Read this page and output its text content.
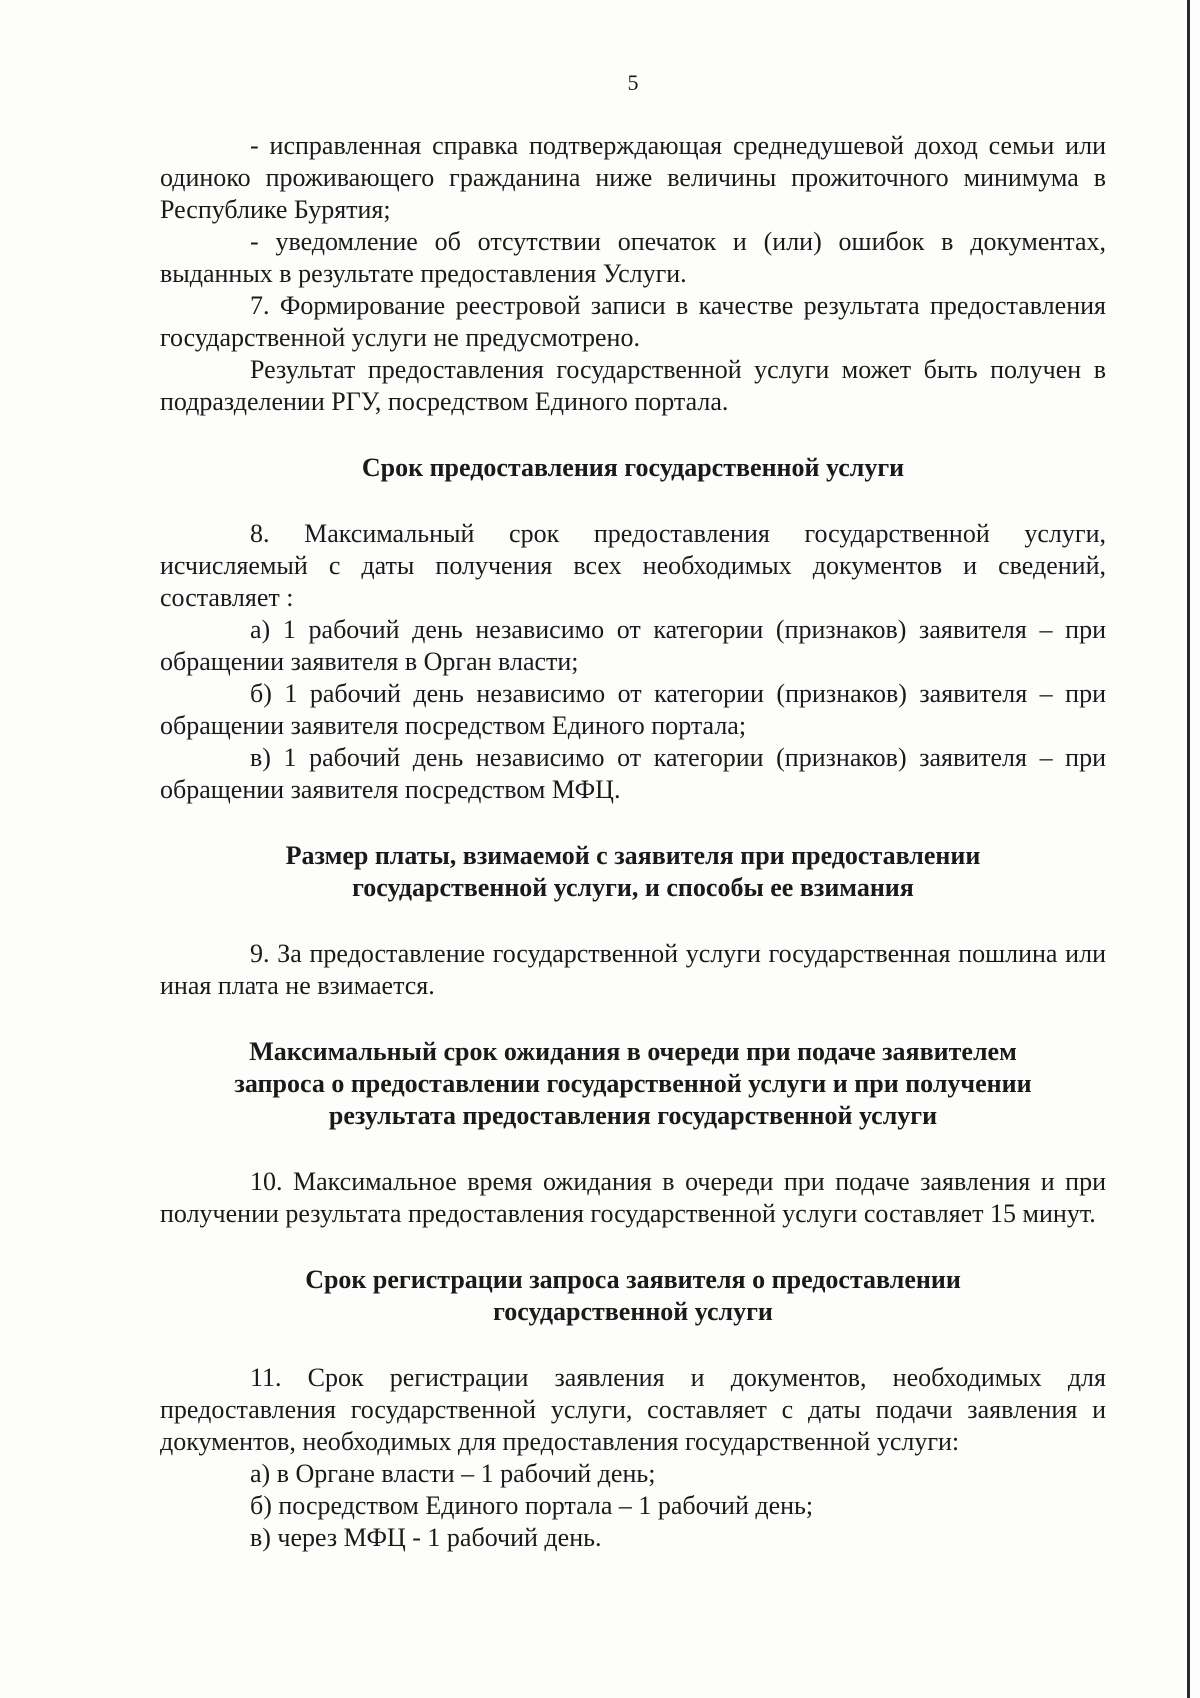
5

- исправленная справка подтверждающая среднедушевой доход семьи или одиноко проживающего гражданина ниже величины прожиточного минимума в Республике Бурятия;

- уведомление об отсутствии опечаток и (или) ошибок в документах, выданных в результате предоставления Услуги.

7. Формирование реестровой записи в качестве результата предоставления государственной услуги не предусмотрено.

Результат предоставления государственной услуги может быть получен в подразделении РГУ, посредством Единого портала.

Срок предоставления государственной услуги

8. Максимальный срок предоставления государственной услуги, исчисляемый с даты получения всех необходимых документов и сведений, составляет :

а) 1 рабочий день независимо от категории (признаков) заявителя – при обращении заявителя в Орган власти;

б) 1 рабочий день независимо от категории (признаков) заявителя – при обращении заявителя посредством Единого портала;

в) 1 рабочий день независимо от категории (признаков) заявителя – при обращении заявителя посредством МФЦ.

Размер платы, взимаемой с заявителя при предоставлении
государственной услуги, и способы ее взимания

9. За предоставление государственной услуги государственная пошлина или иная плата не взимается.

Максимальный срок ожидания в очереди при подаче заявителем
запроса о предоставлении государственной услуги и при получении
результата предоставления государственной услуги

10. Максимальное время ожидания в очереди при подаче заявления и при получении результата предоставления государственной услуги составляет 15 минут.

Срок регистрации запроса заявителя о предоставлении
государственной услуги

11. Срок регистрации заявления и документов, необходимых для предоставления государственной услуги, составляет с даты подачи заявления и документов, необходимых для предоставления государственной услуги:

а) в Органе власти – 1 рабочий день;

б) посредством Единого портала – 1 рабочий день;

в) через МФЦ - 1 рабочий день.
